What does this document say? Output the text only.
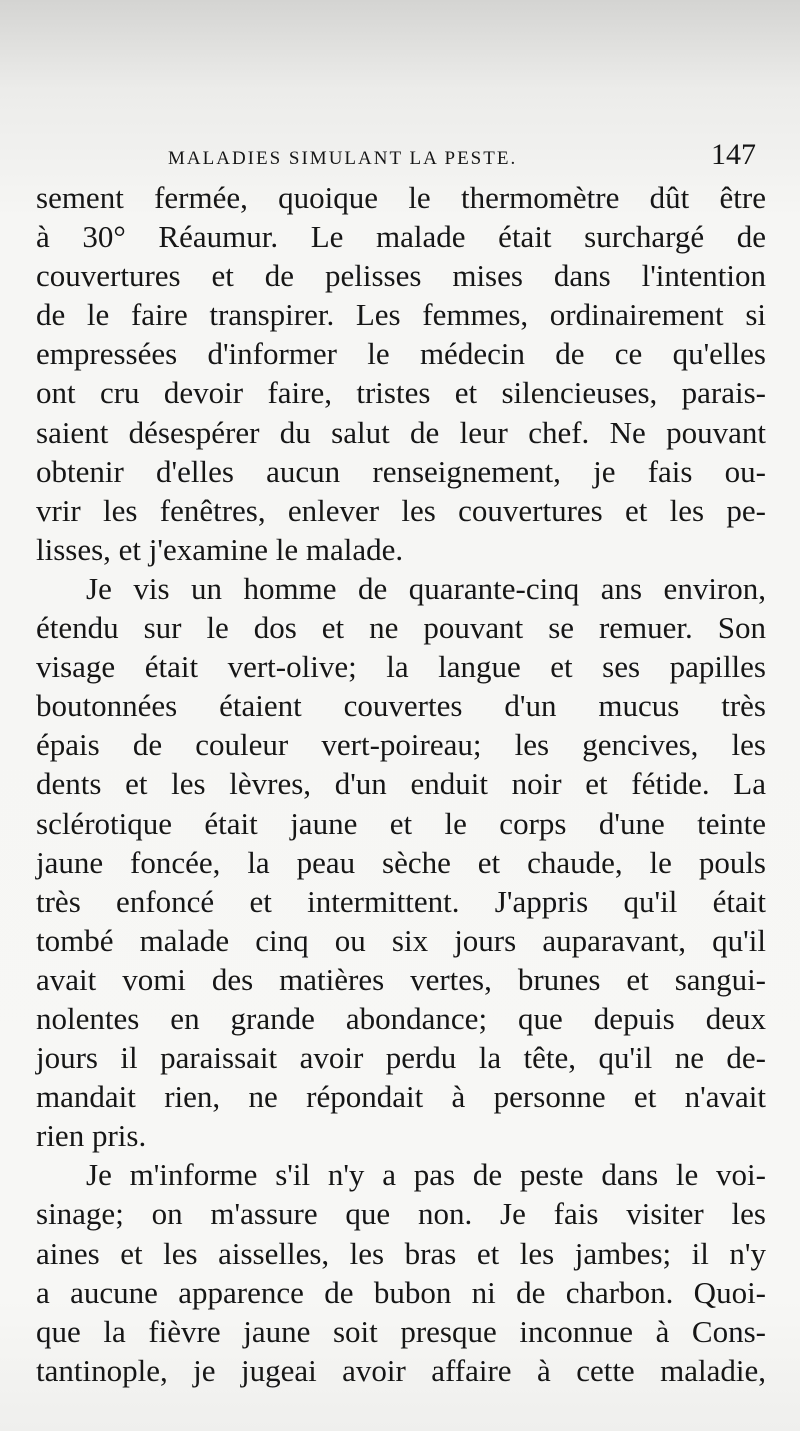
MALADIES SIMULANT LA PESTE.	147
sement fermée, quoique le thermomètre dût être
à 30° Réaumur. Le malade était surchargé de
couvertures et de pelisses mises dans l'intention
de le faire transpirer. Les femmes, ordinairement si
empressées d'informer le médecin de ce qu'elles
ont cru devoir faire, tristes et silencieuses, parais-
saient désespérer du salut de leur chef. Ne pouvant
obtenir d'elles aucun renseignement, je fais ou-
vrir les fenêtres, enlever les couvertures et les pe-
lisses, et j'examine le malade.
Je vis un homme de quarante-cinq ans environ,
étendu sur le dos et ne pouvant se remuer. Son
visage était vert-olive; la langue et ses papilles
boutonnées étaient couvertes d'un mucus très
épais de couleur vert-poireau; les gencives, les
dents et les lèvres, d'un enduit noir et fétide. La
sclérotique était jaune et le corps d'une teinte
jaune foncée, la peau sèche et chaude, le pouls
très enfoncé et intermittent. J'appris qu'il était
tombé malade cinq ou six jours auparavant, qu'il
avait vomi des matières vertes, brunes et sangui-
nolentes en grande abondance; que depuis deux
jours il paraissait avoir perdu la tête, qu'il ne de-
mandait rien, ne répondait à personne et n'avait
rien pris.
Je m'informe s'il n'y a pas de peste dans le voi-
sinage; on m'assure que non. Je fais visiter les
aines et les aisselles, les bras et les jambes; il n'y
a aucune apparence de bubon ni de charbon. Quoi-
que la fièvre jaune soit presque inconnue à Cons-
tantinople, je jugeai avoir affaire à cette maladie,
